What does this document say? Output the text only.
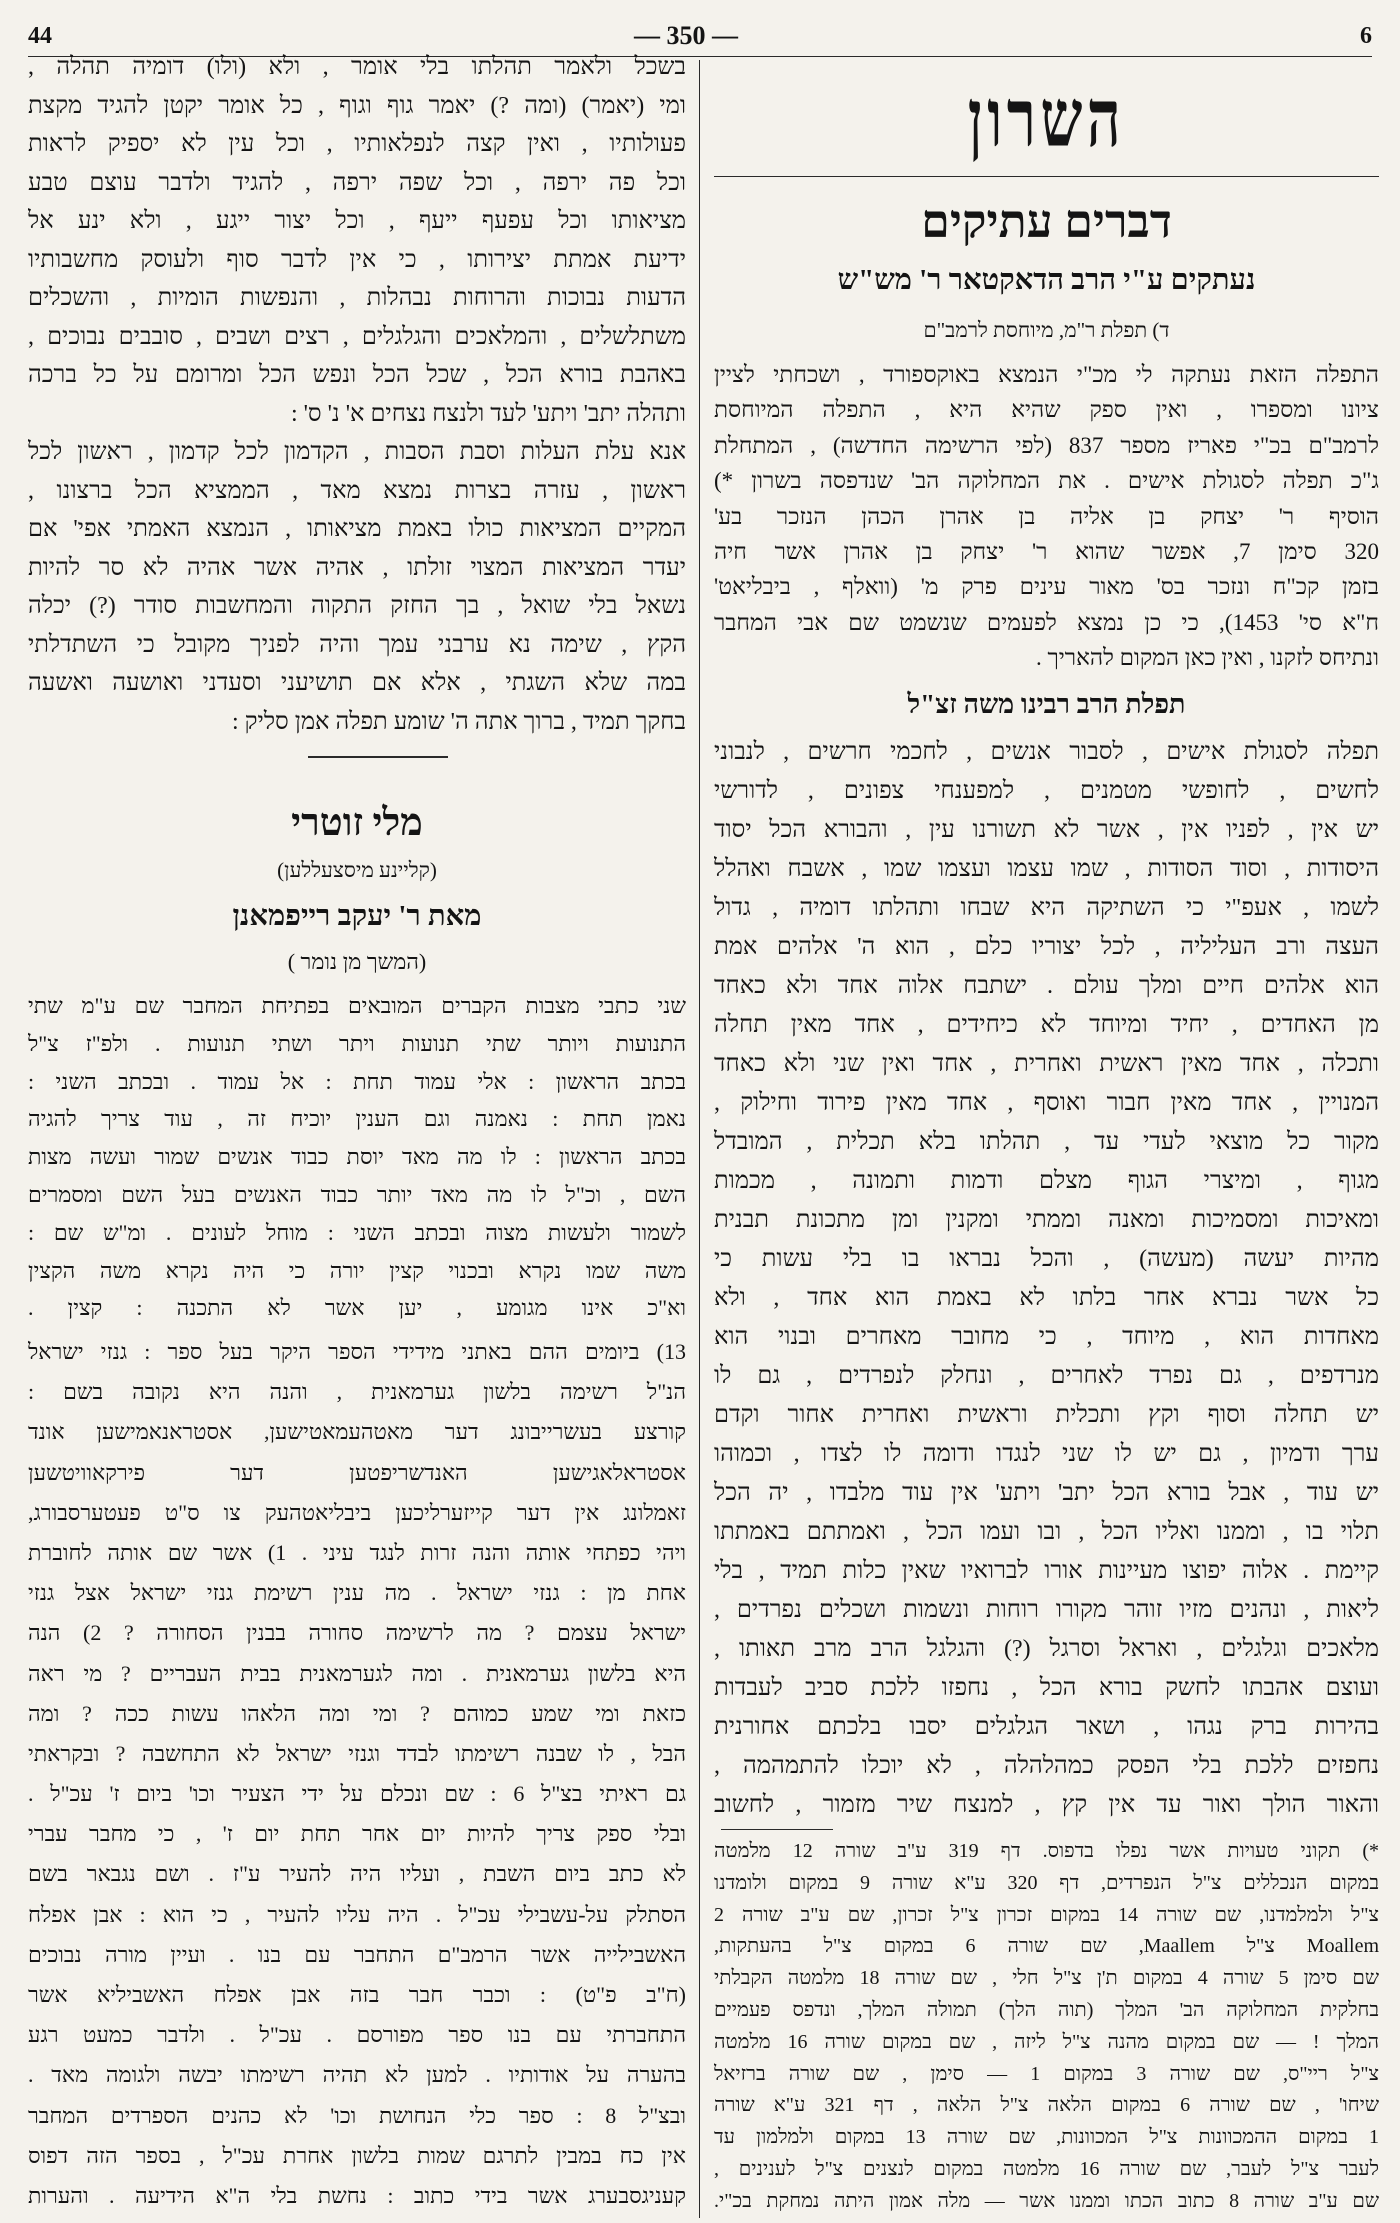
44	— 350 —	6
השרון
דברים עתיקים
נעתקים ע"י הרב הדאקטאר ר' מש"ש
ד) תפלת ר"מ, מיוחסת לרמב"ם
התפלה הזאת נעתקה לי מכ"י הנמצא באוקספורד , ושכחתי לציין
ציונו ומספרו , ואין ספק שהיא היא , התפלה המיוחסת
לרמב"ם בכ"י פאריז מספר 837 (לפי הרשימה החדשה) , המתחלת
ג"כ תפלה לסגולת אישים . את המחלוקה הב' שנדפסה בשרון *)
הוסיף ר' יצחק בן אליה בן אהרן הכהן הנזכר בע'
320 סימן 7, אפשר שהוא ר' יצחק בן אהרן אשר חיה
בזמן קכ"ח ונזכר בס' מאור עינים פרק מ' (וואלף , ביבליאט'
ח"א סי' 1453), כי כן נמצא לפעמים שנשמט שם אבי המחבר
ונתיחס לזקנו , ואין כאן המקום להאריך .
תפלת הרב רבינו משה זצ"ל
תפלה לסגולת אישים , לסבור אנשים , לחכמי חרשים , לנבוני
לחשים , לחופשי מטמנים , למפענחי צפונים , לדורשי
יש אין , לפניו אין , אשר לא תשורנו עין , והבורא הכל יסוד
היסודות , וסוד הסודות , שמו עצמו ועצמו שמו , אשבח ואהלל
לשמו , אעפ"י כי השתיקה היא שבחו ותהלתו דומיה , גדול
העצה ורב העליליה , לכל יצוריו כלם , הוא ה' אלהים אמת
הוא אלהים חיים ומלך עולם . ישתבח אלוה אחד ולא כאחד
מן האחדים , יחיד ומיוחד לא כיחידים , אחד מאין תחלה
ותכלה , אחד מאין ראשית ואחרית , אחד ואין שני ולא כאחד
המנויין , אחד מאין חבור ואוסף , אחד מאין פירוד וחילוק ,
מקור כל מוצאי לעדי עד , תהלתו בלא תכלית , המובדל
מגוף , ומיצרי הגוף מצלם ודמות ותמונה , מכמות
ומאיכות ומסמיכות ומאנה וממתי ומקנין ומן מתכונת תבנית
מהיות יעשה (מעשה) , והכל נבראו בו בלי עשות כי
כל אשר נברא אחר בלתו לא באמת הוא אחד , ולא
מאחדות הוא , מיוחד , כי מחובר מאחרים ובנוי הוא
מנרדפים , גם נפרד לאחרים , ונחלק לנפרדים , גם לו
יש תחלה וסוף וקץ ותכלית וראשית ואחרית אחור וקדם
ערך ודמיון , גם יש לו שני לנגדו ודומה לו לצדו , וכמוהו
יש עוד , אבל בורא הכל יתב' ויתע' אין עוד מלבדו , יה הכל
תלוי בו , וממנו ואליו הכל , ובו ועמו הכל , ואמתתם באמתתו
קיימת . אלוה יפוצו מעיינות אורו לברואיו שאין כלות תמיד , בלי
ליאות , ונהנים מזיו זוהר מקורו רוחות ונשמות ושכלים נפרדים ,
מלאכים וגלגלים , ואראל וסרגל (?) והגלגל הרב מרב תאותו ,
ועוצם אהבתו לחשק בורא הכל , נחפזו ללכת סביב לעבדות
בהירות ברק נגהו , ושאר הגלגלים יסבו בלכתם אחורנית
נחפזים ללכת בלי הפסק כמהלהלה , לא יוכלו להתמהמה ,
והאור הולך ואור עד אין קץ , למנצח שיר מזמור , לחשוב
*) תקוני טעויות אשר נפלו בדפוס. דף 319 ע"ב שורה 12 מלמטה
במקום הנכללים צ"ל הנפרדים, דף 320 ע"א שורה 9 במקום ולומדנו
צ"ל ולמלמדנו, שם שורה 14 במקום זכרון צ"ל זכרון, שם ע"ב שורה 2
Moallem צ"ל Maallem, שם שורה 6 במקום צ"ל בהעתקות,
שם סימן 5 שורה 4 במקום ת'ן צ"ל חלי , שם שורה 18 מלמטה הקבלתי
בחלקית המחלוקה הב' המלך (תוה הלך) תמולה המלך, ונדפס פעמיים
המלך ! — שם במקום מהנה צ"ל ליזה , שם במקום שורה 16 מלמטה
צ"ל ריי"ס, שם שורה 3 במקום 1 — סימן , שם שורה ברזיאל
שיחו' , שם שורה 6 במקום הלאה צ"ל הלאה , דף 321 ע"א שורה
1 במקום ההמכוונות צ"ל המכוונות, שם שורה 13 במקום ולמלמון עד
לעבר צ"ל לעבר, שם שורה 16 מלמטה במקום לנצנים צ"ל לענינים ,
שם ע"ב שורה 8 כתוב הכתו וממנו אשר — מלה אמון היתה נמחקת בכ"י.
בשכל ולאמר תהלתו בלי אומר , ולא (ולו) דומיה תהלה ,
ומי (יאמר) (ומה ?) יאמר גוף וגוף , כל אומר יקטן להגיד מקצת
פעולותיו , ואין קצה לנפלאותיו , וכל עין לא יספיק לראות
וכל פה ירפה , וכל שפה ירפה , להגיד ולדבר עוצם טבע
מציאותו וכל עפעף ייעף , וכל יצור ייגע , ולא ינע אל
ידיעת אמתת יצירותו , כי אין לדבר סוף ולעוסק מחשבותיו
הדעות נבוכות והרוחות נבהלות , והנפשות הומיות , והשכלים
משתלשלים , והמלאכים והגלגלים , רצים ושבים , סובבים נבוכים ,
באהבת בורא הכל , שכל הכל ונפש הכל ומרומם על כל ברכה
ותהלה יתב' ויתע' לעד ולנצח נצחים א' נ' ס' :
אנא עלת העלות וסבת הסבות , הקדמון לכל קדמון , ראשון לכל
ראשון , עזרה בצרות נמצא מאד , הממציא הכל ברצונו ,
המקיים המציאות כולו באמת מציאותו , הנמצא האמתי אפי' אם
יעדר המציאות המצוי זולתו , אהיה אשר אהיה לא סר להיות
נשאל בלי שואל , בך החזק התקוה והמחשבות סודר (?) יכלה
הקץ , שימה נא ערבני עמך והיה לפניך מקובל כי השתדלתי
במה שלא השגתי , אלא אם תושיעני וסעדני ואושעה ואשעה
בחקך תמיד , ברוך אתה ה' שומע תפלה אמן סליק :
מלי זוטרי
(קליינע מיסצעללען)
מאת ר' יעקב רייפמאנן
(המשך מן נומר )
שני כתבי מצבות הקברים המובאים בפתיחת המחבר שם ע"מ שתי
התנועות ויותר שתי תנועות ויתר ושתי תנועות . ולפ"ז צ"ל
בכתב הראשון : אלי עמוד תחת : אל עמוד . ובכתב השני :
נאמן תחת : נאמנה וגם הענין יוכיח זה , עוד צריך להגיה
בכתב הראשון : לו מה מאד יוסת כבוד אנשים שמור ועשה מצות
השם , וכ"ל לו מה מאד יותר כבוד האנשים בעל השם ומסמרים
לשמור ולעשות מצוה ובכתב השני : מוחל לעונים . ומ"ש שם :
משה שמו נקרא ובכנוי קצין יורה כי היה נקרא משה הקצין
וא"כ אינו מגומע , יען אשר לא התכנה : קצין .
13) ביומים ההם באתני מידידי הספר היקר בעל ספר : גנזי ישראל
הנ"ל רשימה בלשון גערמאנית , והנה היא נקובה בשם :
קורצע בעשרייבונג דער מאטהעמאטישען, אסטראנאמישען אונד
אסטראלאגישען האנדשריפטען דער פירקאוויטשען
זאמלונג אין דער קייזערליכען ביבליאטהעק צו ס"ט פעטערסבורג,
ויהי כפתחי אותה והנה זרות לנגד עיני . 1) אשר שם אותה לחוברת
אחת מן : גנזי ישראל . מה ענין רשימת גנזי ישראל אצל גנזי
ישראל עצמם ? מה לרשימה סחורה בבנין הסחורה ? 2) הנה
היא בלשון גערמאנית . ומה לגערמאנית בבית העבריים ? מי ראה
כזאת ומי שמע כמוהם ? ומי ומה הלאהו עשות ככה ? ומה
הבל , לו שבנה רשימתו לבדד וגנזי ישראל לא התחשבה ? ובקראתי
גם ראיתי בצ"ל 6 : שם ונכלם על ידי הצעיר וכו' ביום ז' עכ"ל .
ובלי ספק צריך להיות יום אחר תחת יום ז' , כי מחבר עברי
לא כתב ביום השבת , ועליו היה להעיר ע"ז . ושם נגבאר בשם
הסתלק על-עשבילי עכ"ל . היה עליו להעיר , כי הוא : אבן אפלח
האשבילייה אשר הרמב"ם התחבר עם בנו . ועיין מורה נבוכים
(ח"ב פ"ט) : וכבר חבר בזה אבן אפלח האשביליא אשר
התחברתי עם בנו ספר מפורסם . עכ"ל . ולדבר כמעט רגע
בהערה על אודותיו . למען לא תהיה רשימתו יבשה ולגומה מאד .
ובצ"ל 8 : ספר כלי הנחושת וכו' לא כהנים הספרדים המחבר
אין כח במבין לתרגם שמות בלשון אחרת עכ"ל , בספר הזה דפוס
קעניגסבערג אשר בידי כתוב : נחשת בלי ה"א הידיעה . והערות
